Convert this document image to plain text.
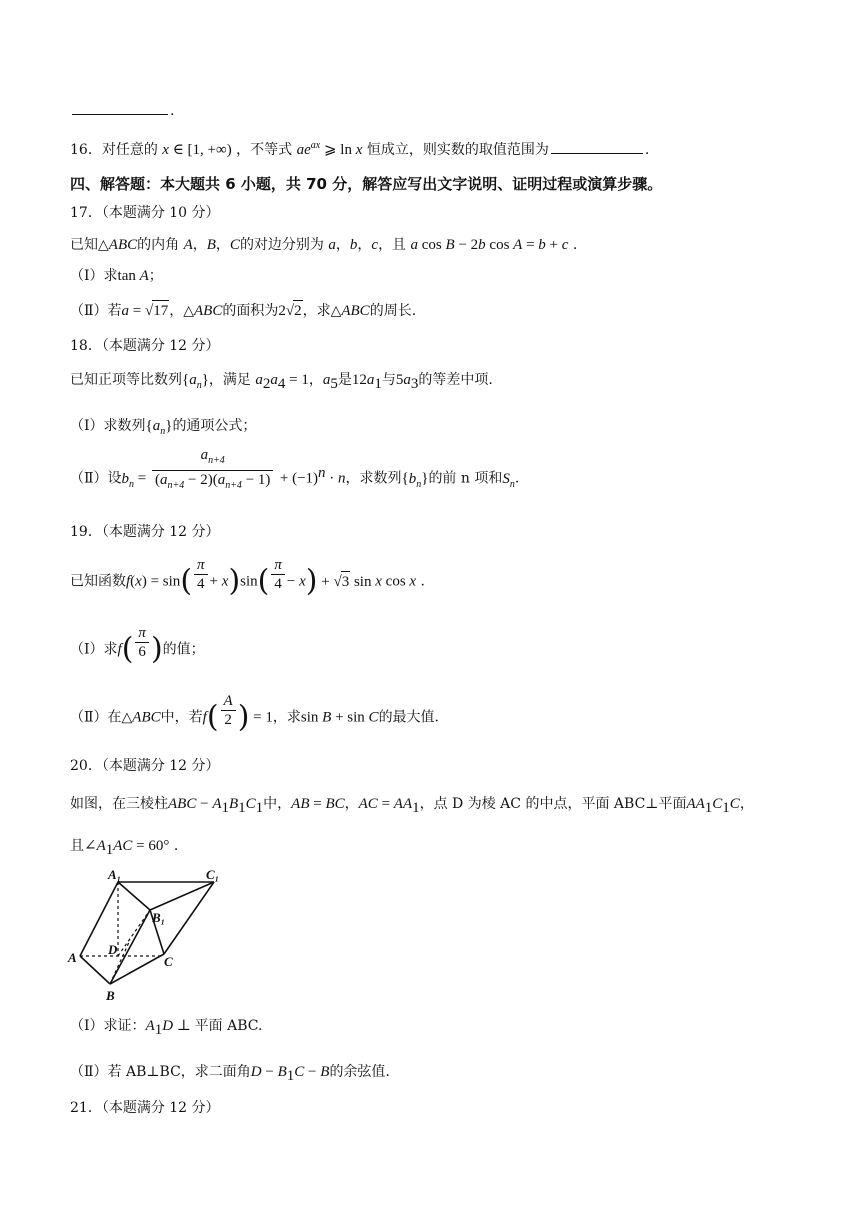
.
16．对任意的 x ∈ [1, +∞) ，不等式 $ae^{ax}$ ⩾ ln x 恒成立，则实数的取值范围为	.
四、解答题：本大题共 6 小题，共 70 分，解答应写出文字说明、证明过程或演算步骤。
17．（本题满分 10 分）
已知△ABC的内角 A，B，C的对边分别为 a，b，c，且 a cos B − 2b cos A = b + c .
（Ⅰ）求tan A；
（Ⅱ）若a = √17，△ABC的面积为2√2，求△ABC的周长.
18．（本题满分 12 分）
已知正项等比数列$\{a_n\}$，满足 $a_2a_4 = 1$，$a_5$是$12a_1$与$5a_3$的等差中项.
（Ⅰ）求数列$\{a_n\}$的通项公式；
（Ⅱ）设$b_n = \frac{a_{n+4}}{(a_{n+4} - 2)(a_{n+4} - 1)} + (-1)^n \cdot n$，求数列$\{b_n\}$的前 n 项和$S_n$.
19．（本题满分 12 分）
已知函数$f(x) = \sin( \frac{\pi}{4} + x)\sin( \frac{\pi}{4} - x) + √3$ sin x cos x .
（Ⅰ）求$f( \frac{\pi}{6}$ )的值；
（Ⅱ）在△ABC中，若$f( \frac{A}{2}$ ) = 1，求sin B + sin C的最大值.
20．（本题满分 12 分）
如图，在三棱柱ABC − $A_1B_1C_1$中，AB = BC，AC = $AA_1$，点 D 为棱 AC 的中点，平面 ABC⊥平面$AA_1C_1C$，
且$\angle A_1AC = 60^\circ$ .
A₁	C₁
B₁
D
A	C
B
（Ⅰ）求证：$A_1D$ ⊥ 平面 ABC.
（Ⅱ）若 AB⊥BC，求二面角$D - B_1C - B$的余弦值.
21．（本题满分 12 分）
